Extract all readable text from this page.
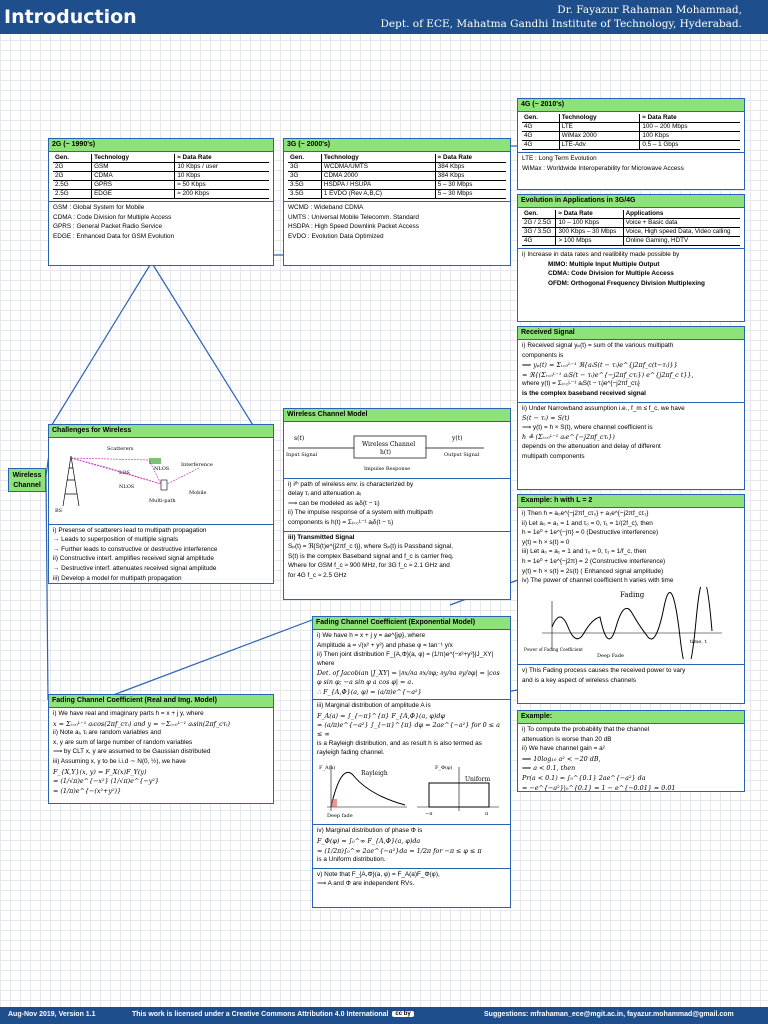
Introduction	Dr. Fayazur Rahaman Mohammad,
Dept. of ECE, Mahatma Gandhi Institute of Technology, Hyderabad.
Wireless Channel
2G (~ 1990's)
Gen.	Technology	≈ Data Rate
2G	GSM	10 Kbps / user
2G	CDMA	10 Kbps
2.5G	GPRS	≈ 50 Kbps
2.5G	EDGE	≈ 200 Kbps
GSM : Global System for Mobile
CDMA : Code Division for Multiple Access
GPRS : General Packet Radio Service
EDGE : Enhanced Data for GSM Evolution
3G (~ 2000's)
Gen.	Technology	≈ Data Rate
3G	WCDMA/UMTS	384 Kbps
3G	CDMA 2000	384 Kbps
3.5G	HSDPA / HSUPA	5 – 30 Mbps
3.5G	1 EVDO (Rev A,B,C)	5 – 30 Mbps
WCMD : Wideband CDMA
UMTS : Universal Mobile Telecomm. Standard
HSDPA : High Speed Downlink Packet Access
EVDO : Evolution Data Optimized
4G (~ 2010's)
Gen.	Technology	≈ Data Rate
4G	LTE	100 – 200 Mbps
4G	WiMax 2000	100 Kbps
4G	LTE-Adv	0.5 – 1 Gbps
LTE : Long Term Evolution
WiMax : Worldwide Interoperability for Microwave Access
Evolution in Applications in 3G/4G
Gen.	≈ Data Rate	Applications
2G / 2.5G	10 – 100 Kbps	Voice + Basic data
3G / 3.5G	300 Kbps – 30 Mbps	Voice, High speed Data, Video calling
4G	> 100 Mbps	Online Gaming, HDTV
i) Increase in data rates and realibility made possible by
MIMO: Multiple Input Multiple Output
CDMA: Code Division for Multiple Access
OFDM: Orthogonal Frequency Division Multiplexing
Received Signal
i) Received signal yₚ(t) = sum of the various multipath
components is
⟹ yₚ(t) = Σᵢ₌₀ᴸ⁻¹ ℜ{aᵢS(t − τᵢ)e^{j2πf_c(t−τᵢ)}}
= ℜ{(Σᵢ₌₀ᴸ⁻¹ aᵢS(t − τᵢ)e^{−j2πf_cτᵢ}) e^{j2πf_c t}},
where y(t) = Σᵢ₌₀ᴸ⁻¹ aᵢS(t − τᵢ)e^{−j2πf_cτᵢ}
is the complex baseband received signal
ii) Under Narrowband assumption i.e., f_m ≤ f_c, we have
S(t − τᵢ) ≈ S(t)
⟹ y(t) = h × S(t), where channel coefficient is
h ≜ (Σᵢ₌₀ᴸ⁻¹ aᵢe^{−j2πf_cτᵢ})
depends on the attenuation and delay of different
multipath components
Example: h with L = 2
i) Then h = a₀e^{−j2πf_cτ₀} + a₁e^{−j2πf_cτ₁}
ii) Let a₀ = a₁ = 1 and τ₀ = 0, τ₁ = 1/(2f_c), then
h = 1e⁰ + 1e^{−jπ} = 0 (Destructive interference)
y(t) = h × s(t) = 0
iii) Let a₀ = a₁ = 1 and τ₀ = 0, τ₁ = 1/f_c, then
h = 1e⁰ + 1e^{−j2π} = 2 (Constructive interference)
y(t) = h × s(t) = 2s(t) ( Enhanced signal amplitude)
iv) The power of channel coefficient h varies with time
Fading
Power of Fading Coefficient
time, t
Deep Fade
v) This Fading process causes the received power to vary
and is a key aspect of wireless channels
Example:
i) To compute the probability that the channel
attenuation is worse than 20 dB
ii) We have channel gain = a²
⟹ 10log₁₀ a² < −20 dB,
⟹ a < 0.1, then
Pr(a < 0.1) = ∫₀^{0.1} 2ae^{−a²} da
= −e^{−a²}|₀^{0.1} = 1 − e^{−0.01} ≈ 0.01
Challenges for Wireless
Scatterers
LOS
NLOS
Interference
BS
NLOS
Mobile
Multi-path
i) Presense of scatterers lead to multipath propagation
→ Leads to superposition of multiple signals
→ Further leads to constructive or destructive interference
ii) Constructive interf. amplifies received signal amplitude
→ Destructive interf. attenuates received signal amplitude
iii) Develop a model for multipath propagation
Wireless Channel Model
s(t)
Input Signal
Wireless Channel
h(t)
y(t)
Output Signal
Impulse Response
i) iᵗʰ path of wireless env. is characterized by
delay τᵢ and attenuation aᵢ
⟹ can be modeled as aᵢδ(t − τᵢ)
ii) The impulse response of a system with multipath
components is h(t) = Σᵢ₌₀ᴸ⁻¹ aᵢδ(t − τᵢ)
iii) Transmitted Signal
Sₚ(t) = ℜ{S(t)e^{j2πf_c t}}, where Sₚ(t) is Passband signal,
S(t) is the complex Baseband signal and f_c is carrier freq.
Where for GSM f_c ≈ 900 MHz, for 3G f_c ≈ 2.1 GHz and
for 4G f_c ≈ 2.5 GHz
Fading Channel Coefficient (Exponential Model)
i) We have h = x + j y = ae^{jφ}, where
Amplitude a = √(x² + y²) and phase φ = tan⁻¹ y/x
ii) Then joint distribution F_{A,Φ}(a, φ) = (1/π)e^{−x²+y²}|J_XY| where
Det. of Jacobian |J_XY| = |∂x/∂a ∂x/∂φ; ∂y/∂a ∂y/∂φ| = |cos φ sin φ; −a sin φ a cos φ| = a.
∴ F_{A,Φ}(a, φ) = (a/π)e^{−a²}
iii) Marginal distribution of amplitude A is
F_A(a) = ∫_{−π}^{π} F_{A,Φ}(a, φ)dφ
= (a/π)e^{−a²} ∫_{−π}^{π} dφ = 2ae^{−a²} for 0 ≤ a ≤ ∞
is a Rayleigh distribution, and as result h is also termed as
rayleigh fading channel.
F_A(a)
Rayleigh
Deep fade
F_Φ(φ)
Uniform
−π	π
iv) Marginal distribution of phase Φ is
F_Φ(φ) = ∫₀^∞ F_{A,Φ}(a, φ)da
= (1/2π)∫₀^∞ 2ae^{−a²}da = 1/2π for −π ≤ φ ≤ π
is a Uniform distribution.
v) Note that F_{A,Φ}(a, φ) = F_A(a)F_Φ(φ),
⟹ A and Φ are independent RVs.
Fading Channel Coefficient (Real and Img. Model)
i) We have real and imaginary parts h = x + j y, where
x = Σᵢ₌₀ᴸ⁻¹ aᵢcos(2πf_cτᵢ) and y = −Σᵢ₌₀ᴸ⁻¹ aᵢsin(2πf_cτᵢ)
ii) Note aᵢ, τᵢ are random variables and
x, y are sum of large number of random variables
⟹ by CLT x, y are assumed to be Gaussian distributed
iii) Assuming x, y to be i.i.d ∼ N(0, ½), we have
F_{X,Y}(x, y) = F_X(x)F_Y(y)
= (1/√π)e^{−x²} (1/√π)e^{−y²}
= (1/π)e^{−(x²+y²)}
Aug-Nov 2019, Version 1.1	This work is licensed under a Creative Commons Attribution 4.0 International cc by	Suggestions: mfrahaman_ece@mgit.ac.in, fayazur.mohammad@gmail.com
